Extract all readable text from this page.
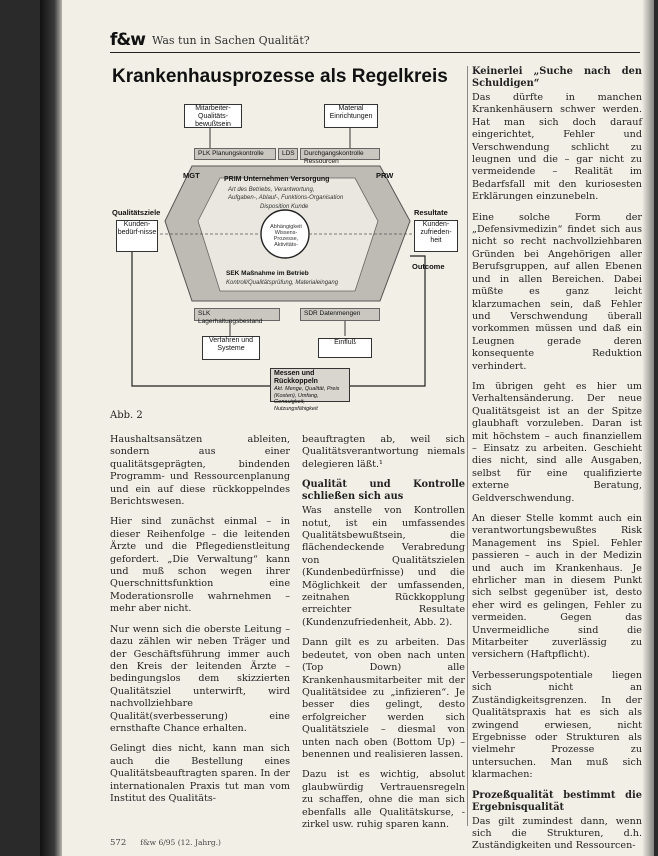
f&w Was tun in Sachen Qualität?
Krankenhausprozesse als Regelkreis
Mitarbeiter-Qualitäts-bewußtsein
Material Einrichtungen
PLK Planungskontrolle	LDS	Durchgangskontrolle Ressourcen
MGT	PRW
PRIM Unternehmen Versorgung
Art des Betriebs, Verantwortung,
Aufgaben-, Ablauf-, Funktions-Organisation
Disposition Kunde
Abhängigkeit Wissens-Prozesse, Aktivitäts-
Qualitätsziele
Kunden-bedürf-nisse
Resultate
Kunden-zufrieden-heit
Outcome
SEK Maßnahme im Betrieb
Kontroll/Qualitätsprüfung, Materialeingang
SLK Lagerhaltungsbestand
SDR Datenmengen
Verfahren und Systeme
Einfluß
Messen und Rückkoppeln
Akt. Menge, Qualität, Preis (Kosten), Umfang, Genauigkeit, Nutzungsfähigkeit
Abb. 2

Haushaltsansätzen ableiten, sondern aus einer qualitätsgeprägten, bindenden Programm- und Ressourcenplanung und ein auf diese rückkoppelndes Berichtswesen.

Hier sind zunächst einmal – in dieser Reihenfolge – die leitenden Ärzte und die Pflegedienstleitung gefordert. „Die Verwaltung“ kann und muß schon wegen ihrer Querschnittsfunktion eine Moderationsrolle wahrnehmen – mehr aber nicht.

Nur wenn sich die oberste Leitung – dazu zählen wir neben Träger und der Geschäftsführung immer auch den Kreis der leitenden Ärzte – bedingungslos dem skizzierten Qualitätsziel unterwirft, wird nachvollziehbare Qualität(sverbesserung) eine ernsthafte Chance erhalten.

Gelingt dies nicht, kann man sich auch die Bestellung eines Qualitätsbeauftragten sparen. In der internationalen Praxis tut man vom Institut des Qualitäts-

beauftragten ab, weil sich Qualitätsverantwortung niemals delegieren läßt.¹

Qualität und Kontrolle schließen sich aus

Was anstelle von Kontrollen notut, ist ein umfassendes Qualitätsbewußtsein, die flächendeckende Verabredung von Qualitätszielen (Kundenbedürfnisse) und die Möglichkeit der umfassenden, zeitnahen Rückkopplung erreichter Resultate (Kundenzufriedenheit, Abb. 2).

Dann gilt es zu arbeiten. Das bedeutet, von oben nach unten (Top Down) alle Krankenhausmitarbeiter mit der Qualitätsidee zu „infizieren“. Je besser dies gelingt, desto erfolgreicher werden sich Qualitätsziele – diesmal von unten nach oben (Bottom Up) – benennen und realisieren lassen.

Dazu ist es wichtig, absolut glaubwürdig Vertrauensregeln zu schaffen, ohne die man sich ebenfalls alle Qualitätskurse, -zirkel usw. ruhig sparen kann.

Keinerlei „Suche nach den Schuldigen“

Das dürfte in manchen Krankenhäusern schwer werden. Hat man sich doch darauf eingerichtet, Fehler und Verschwendung schlicht zu leugnen und die – gar nicht zu vermeidende – Realität im Bedarfsfall mit den kuriosesten Erklärungen einzunebeln.

Eine solche Form der „Defensivmedizin“ findet sich aus nicht so recht nachvollziehbaren Gründen bei Angehörigen aller Berufsgruppen, auf allen Ebenen und in allen Bereichen. Dabei müßte es ganz leicht klarzumachen sein, daß Fehler und Verschwendung überall vorkommen müssen und daß ein Leugnen gerade deren konsequente Reduktion verhindert.

Im übrigen geht es hier um Verhaltensänderung. Der neue Qualitätsgeist ist an der Spitze glaubhaft vorzuleben. Daran ist mit höchstem – auch finanziellem – Einsatz zu arbeiten. Geschieht dies nicht, sind alle Ausgaben, selbst für eine qualifizierte externe Beratung, Geldverschwendung.

An dieser Stelle kommt auch ein verantwortungsbewußtes Risk Management ins Spiel. Fehler passieren – auch in der Medizin und auch im Krankenhaus. Je ehrlicher man in diesem Punkt sich selbst gegenüber ist, desto eher wird es gelingen, Fehler zu vermeiden. Gegen das Unvermeidliche sind die Mitarbeiter zuverlässig zu versichern (Haftpflicht).

Verbesserungspotentiale liegen sich nicht an Zuständigkeitsgrenzen. In der Qualitätspraxis hat es sich als zwingend erwiesen, nicht Ergebnisse oder Strukturen als vielmehr Prozesse zu untersuchen. Man muß sich klarmachen:

Prozeßqualität bestimmt die Ergebnisqualität

Das gilt zumindest dann, wenn sich die Strukturen, d.h. Zuständigkeiten und Ressourcen-

572 f&w 6/95 (12. Jahrg.)
